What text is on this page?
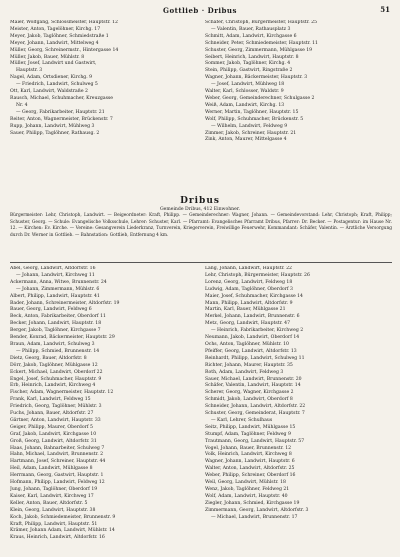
Gottlieb · Dribus	51
Maier, Wolfgang, Schlossmeister, Hauptstr. 12
Meister, Anton, Tagelöhner, Kirchg. 17
Meyer, Jakob, Taglöhner, Schmiedstraße 1
Meyer, Johann, Landwirt, Mittelweg 4
Müller, Georg, Schreinermstr., Hintergasse 14
Müller, Jakob, Bauer, Mühlstr. 8
Müller, Josef, Landwirt und Gastwirt,
Hauptstr. 3
Nagel, Adam, Ortsdiener, Kirchg. 9
— Friedrich, Landwirt, Schulweg 5
Ott, Karl, Landwirt, Waldstraße 2
Rausch, Michael, Schuhmacher, Kreuzgasse
Nr. 4
— Georg, Fabrikarbeiter, Hauptstr. 21
Reiter, Anton, Wagnermeister, Brückenstr. 7
Rupp, Johann, Landwirt, Mühlweg 3
Sauer, Philipp, Taglöhner, Rathausg. 2
Schäfer, Christoph, Bürgermeister, Hauptstr. 25
— Valentin, Bauer, Rathausplatz 3
Schmitt, Adam, Landwirt, Kirchgasse 6
Schneider, Peter, Schmiedemeister, Hauptstr. 11
Schuster, Georg, Zimmermann, Mühlgasse 19
Seibert, Heinrich, Landwirt, Hauptstr. 8
Sommer, Jakob, Taglöhner, Kirchg. 4
Stein, Philipp, Gastwirt, Ringstraße 2
Wagner, Johann, Bäckermeister, Hauptstr. 3
— Josef, Landwirt, Mühlweg 18
Walter, Karl, Schlosser, Waldstr. 9
Weber, Georg, Gemeinderechner, Schulgasse 2
Weiß, Adam, Landwirt, Kirchg. 13
Werner, Martin, Taglöhner, Hauptstr. 15
Wolf, Philipp, Schuhmacher, Brückenstr. 5
— Wilhelm, Landwirt, Feldweg 9
Zimmer, Jakob, Schreiner, Hauptstr. 21
Zink, Anton, Maurer, Mittelgasse 4
Dribus
Gemeinde Dribus, 412 Einwohner.
Bürgermeister: Lehr, Christoph, Landwirt. — Beigeordneter: Kraft, Philipp. — Gemeinderechner: Wagner, Johann. — Gemeindevorstand: Lehr, Christoph; Kraft, Philipp; Schuster, Georg. — Schule: Evangelische Volksschule, Lehrer: Schuster, Karl. — Pfarramt: Evangelisches Pfarramt Dribus, Pfarrer: Dr. Becker. — Postagentur: im Hause Nr. 12. — Kirchen: Ev. Kirche. — Vereine: Gesangverein Liederkranz, Turnverein, Kriegerverein, Freiwillige Feuerwehr, Kommandant: Schäfer, Valentin. — Ärztliche Versorgung durch Dr. Werner in Gottlieb. — Bahnstation: Gottlieb, Entfernung 4 km.
Abel, Georg, Landwirt, Altdorfstr. 16
— Johann, Landwirt, Kirchweg 11
Ackermann, Anna, Witwe, Brunnenstr. 24
— Johann, Zimmermann, Mühlstr. 6
Albert, Philipp, Landwirt, Hauptstr. 41
Bader, Johann, Schreinermeister, Altdorfstr. 19
Bauer, Georg, Landwirt, Feldweg 6
Beck, Anton, Fabrikarbeiter, Oberdorf 11
Becker, Johann, Landwirt, Hauptstr. 18
Berger, Jakob, Taglöhner, Kirchgasse 7
Bender, Konrad, Bäckermeister, Hauptstr. 29
Braun, Adam, Landwirt, Schulweg 3
— Philipp, Schmied, Brunnenstr. 14
Dietz, Georg, Bauer, Altdorfstr. 8
Dörr, Jakob, Taglöhner, Mühlgasse 12
Eckert, Michael, Landwirt, Oberdorf 22
Engel, Josef, Schuhmacher, Hauptstr. 9
Erb, Heinrich, Landwirt, Kirchweg 4
Fischer, Adam, Wagnermeister, Hauptstr. 12
Frank, Karl, Landwirt, Feldweg 15
Friedrich, Georg, Taglöhner, Mühlstr. 3
Fuchs, Johann, Bauer, Altdorfstr. 27
Gärtner, Anton, Landwirt, Hauptstr. 33
Geiger, Philipp, Maurer, Oberdorf 5
Graf, Jakob, Landwirt, Kirchgasse 10
Groß, Georg, Landwirt, Altdorfstr. 31
Haas, Johann, Bahnarbeiter, Schulweg 7
Hahn, Michael, Landwirt, Brunnenstr. 2
Hartmann, Josef, Schreiner, Hauptstr. 44
Heil, Adam, Landwirt, Mühlgasse 8
Herrmann, Georg, Gastwirt, Hauptstr. 1
Hofmann, Philipp, Landwirt, Feldweg 12
Jung, Johann, Taglöhner, Oberdorf 19
Kaiser, Karl, Landwirt, Kirchweg 17
Keller, Anton, Bauer, Altdorfstr. 5
Klein, Georg, Landwirt, Hauptstr. 38
Koch, Jakob, Schmiedemeister, Brunnenstr. 9
Kraft, Philipp, Landwirt, Hauptstr. 51
Krämer, Johann Adam, Landwirt, Mühlstr. 14
Kraus, Heinrich, Landwirt, Altdorfstr. 16
Lang, Johann, Landwirt, Hauptstr. 22
Lehr, Christoph, Bürgermeister, Hauptstr. 26
Lorenz, Georg, Landwirt, Feldweg 18
Ludwig, Adam, Taglöhner, Oberdorf 3
Maier, Josef, Schuhmacher, Kirchgasse 14
Mann, Philipp, Landwirt, Altdorfstr. 9
Martin, Karl, Bauer, Mühlgasse 21
Merkel, Johann, Landwirt, Brunnenstr. 6
Metz, Georg, Landwirt, Hauptstr. 47
— Heinrich, Fabrikarbeiter, Kirchweg 2
Neumann, Jakob, Landwirt, Oberdorf 14
Ochs, Anton, Taglöhner, Mühlstr. 10
Pfeiffer, Georg, Landwirt, Altdorfstr. 13
Reinhardt, Philipp, Landwirt, Schulweg 11
Richter, Johann, Maurer, Hauptstr. 35
Roth, Adam, Landwirt, Feldweg 3
Sauer, Michael, Landwirt, Brunnenstr. 20
Schäfer, Valentin, Landwirt, Hauptstr. 14
Scherer, Georg, Wagner, Kirchgasse 2
Schmidt, Jakob, Landwirt, Oberdorf 8
Schneider, Johann, Landwirt, Altdorfstr. 22
Schuster, Georg, Gemeinderat, Hauptstr. 7
— Karl, Lehrer, Schulhaus
Seitz, Philipp, Landwirt, Mühlgasse 15
Stumpf, Adam, Taglöhner, Feldweg 9
Trautmann, Georg, Landwirt, Hauptstr. 57
Vogel, Johann, Bauer, Brunnenstr. 12
Volk, Heinrich, Landwirt, Kirchweg 8
Wagner, Johann, Landwirt, Hauptstr. 6
Walter, Anton, Landwirt, Altdorfstr. 25
Weber, Philipp, Schreiner, Oberdorf 16
Weil, Georg, Landwirt, Mühlstr. 18
Wenz, Jakob, Taglöhner, Feldweg 21
Wolf, Adam, Landwirt, Hauptstr. 40
Ziegler, Johann, Schmied, Kirchgasse 19
Zimmermann, Georg, Landwirt, Altdorfstr. 3
— Michael, Landwirt, Brunnenstr. 17
